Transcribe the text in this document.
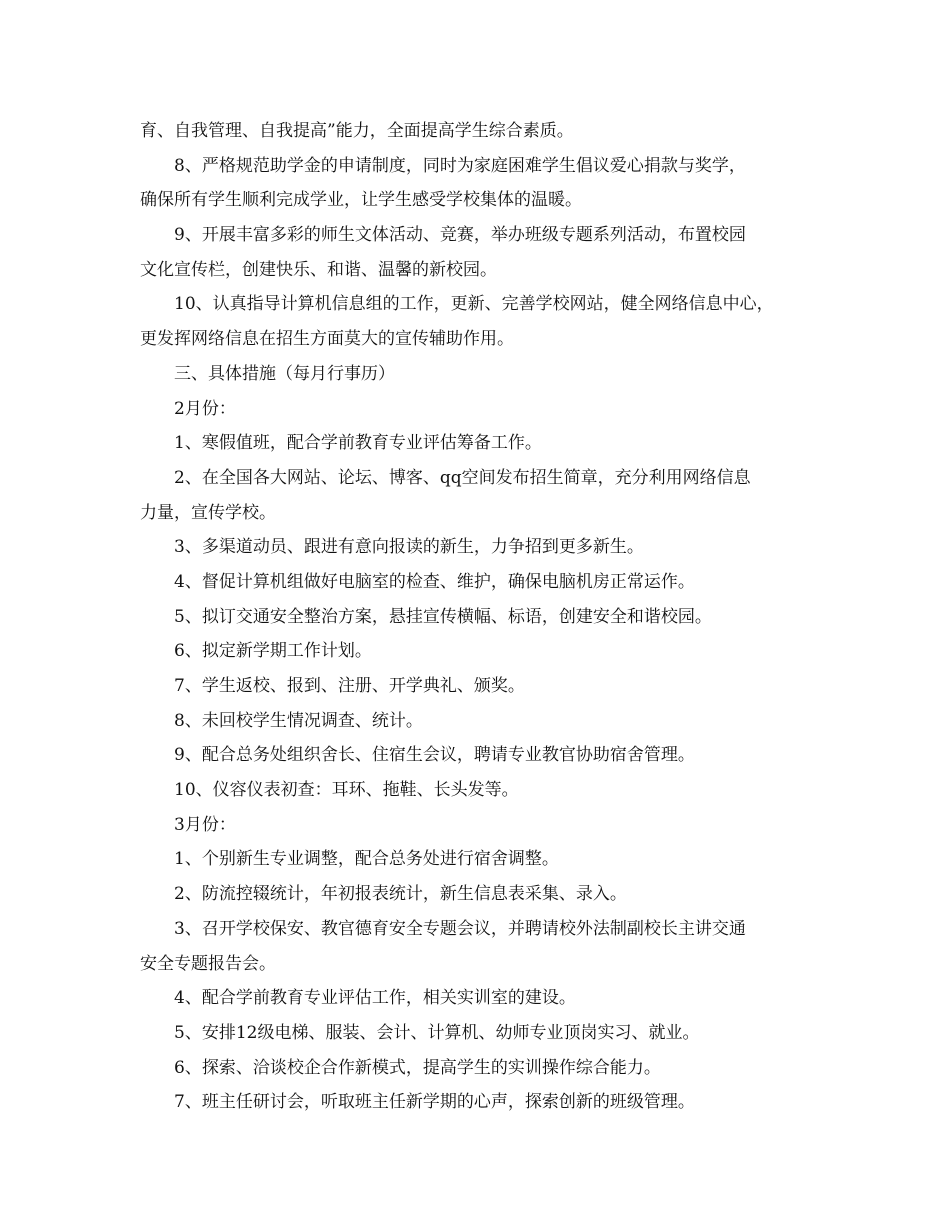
育、自我管理、自我提高”能力，全面提高学生综合素质。
8、严格规范助学金的申请制度，同时为家庭困难学生倡议爱心捐款与奖学，
确保所有学生顺利完成学业，让学生感受学校集体的温暖。
9、开展丰富多彩的师生文体活动、竞赛，举办班级专题系列活动，布置校园
文化宣传栏，创建快乐、和谐、温馨的新校园。
10、认真指导计算机信息组的工作，更新、完善学校网站，健全网络信息中心，
更发挥网络信息在招生方面莫大的宣传辅助作用。
三、具体措施（每月行事历）
2月份：
1、寒假值班，配合学前教育专业评估筹备工作。
2、在全国各大网站、论坛、博客、qq空间发布招生简章，充分利用网络信息
力量，宣传学校。
3、多渠道动员、跟进有意向报读的新生，力争招到更多新生。
4、督促计算机组做好电脑室的检查、维护，确保电脑机房正常运作。
5、拟订交通安全整治方案，悬挂宣传横幅、标语，创建安全和谐校园。
6、拟定新学期工作计划。
7、学生返校、报到、注册、开学典礼、颁奖。
8、未回校学生情况调查、统计。
9、配合总务处组织舍长、住宿生会议，聘请专业教官协助宿舍管理。
10、仪容仪表初查：耳环、拖鞋、长头发等。
3月份：
1、个别新生专业调整，配合总务处进行宿舍调整。
2、防流控辍统计，年初报表统计，新生信息表采集、录入。
3、召开学校保安、教官德育安全专题会议，并聘请校外法制副校长主讲交通
安全专题报告会。
4、配合学前教育专业评估工作，相关实训室的建设。
5、安排12级电梯、服装、会计、计算机、幼师专业顶岗实习、就业。
6、探索、洽谈校企合作新模式，提高学生的实训操作综合能力。
7、班主任研讨会，听取班主任新学期的心声，探索创新的班级管理。
